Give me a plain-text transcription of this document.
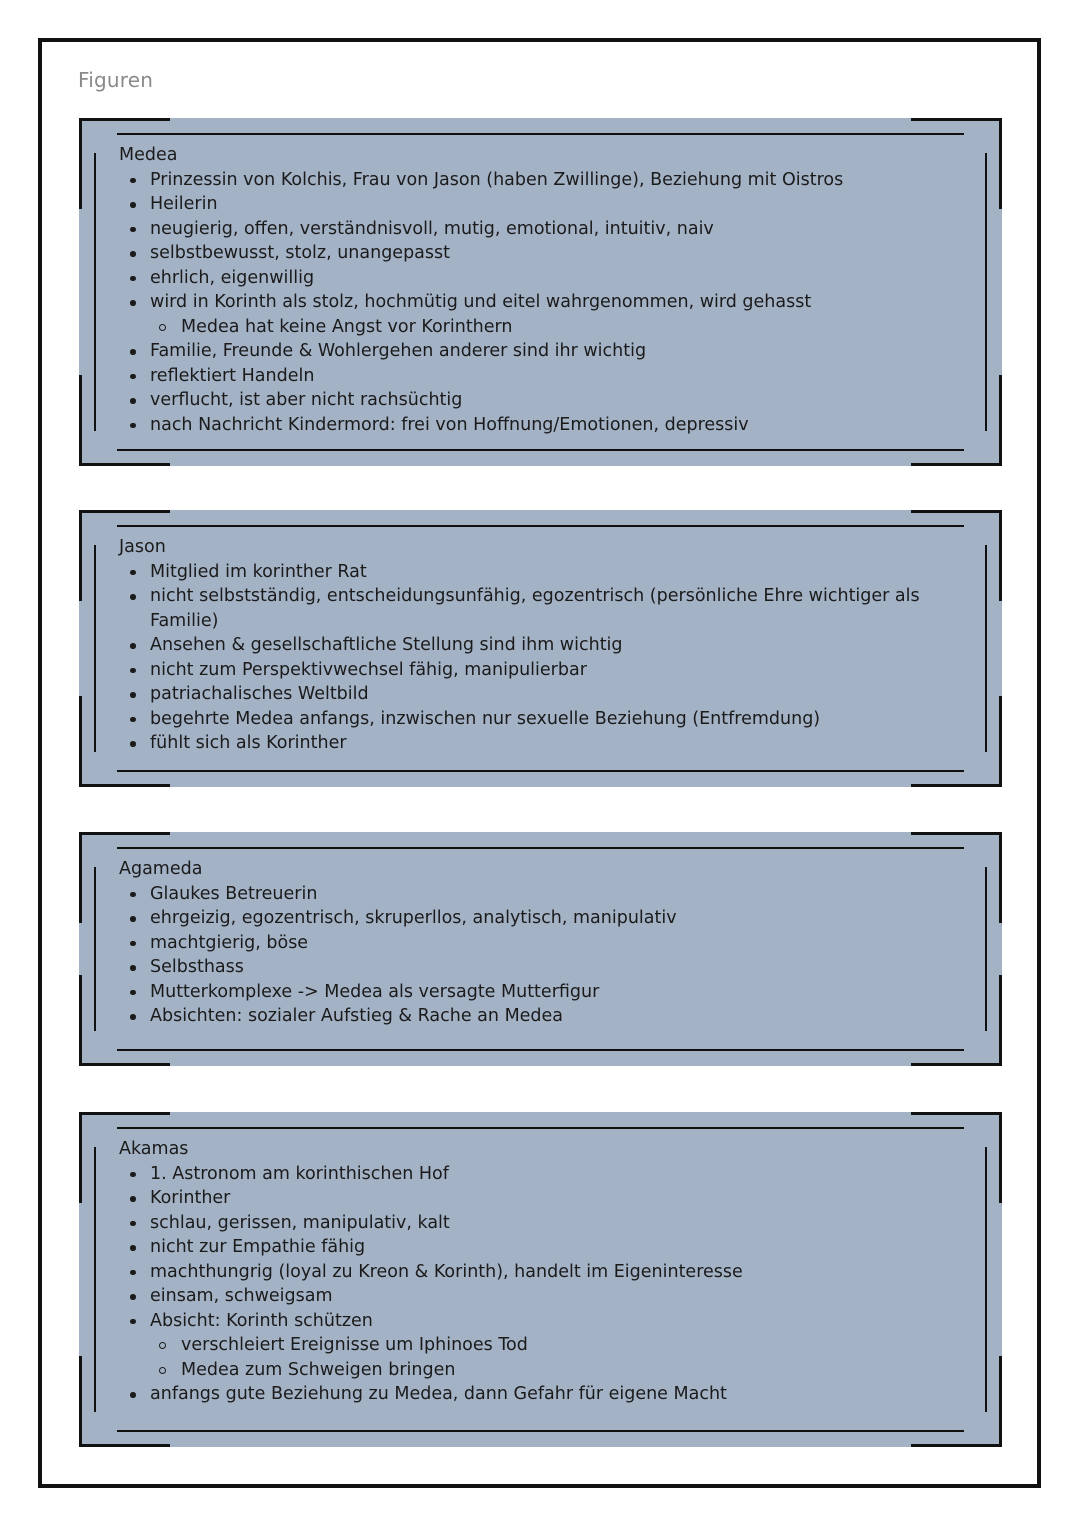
Figuren
Medea
Prinzessin von Kolchis, Frau von Jason (haben Zwillinge), Beziehung mit Oistros
Heilerin
neugierig, offen, verständnisvoll, mutig, emotional, intuitiv, naiv
selbstbewusst, stolz, unangepasst
ehrlich, eigenwillig
wird in Korinth als stolz, hochmütig und eitel wahrgenommen, wird gehasst
Medea hat keine Angst vor Korinthern
Familie, Freunde & Wohlergehen anderer sind ihr wichtig
reflektiert Handeln
verflucht, ist aber nicht rachsüchtig
nach Nachricht Kindermord: frei von Hoffnung/Emotionen, depressiv
Jason
Mitglied im korinther Rat
nicht selbstständig, entscheidungsunfähig, egozentrisch (persönliche Ehre wichtiger als Familie)
Ansehen & gesellschaftliche Stellung sind ihm wichtig
nicht zum Perspektivwechsel fähig, manipulierbar
patriachalisches Weltbild
begehrte Medea anfangs, inzwischen nur sexuelle Beziehung (Entfremdung)
fühlt sich als Korinther
Agameda
Glaukes Betreuerin
ehrgeizig, egozentrisch, skruperllos, analytisch, manipulativ
machtgierig, böse
Selbsthass
Mutterkomplexe -> Medea als versagte Mutterfigur
Absichten: sozialer Aufstieg & Rache an Medea
Akamas
1. Astronom am korinthischen Hof
Korinther
schlau, gerissen, manipulativ, kalt
nicht zur Empathie fähig
machthungrig (loyal zu Kreon & Korinth), handelt im Eigeninteresse
einsam, schweigsam
Absicht: Korinth schützen
verschleiert Ereignisse um Iphinoes Tod
Medea zum Schweigen bringen
anfangs gute Beziehung zu Medea, dann Gefahr für eigene Macht
